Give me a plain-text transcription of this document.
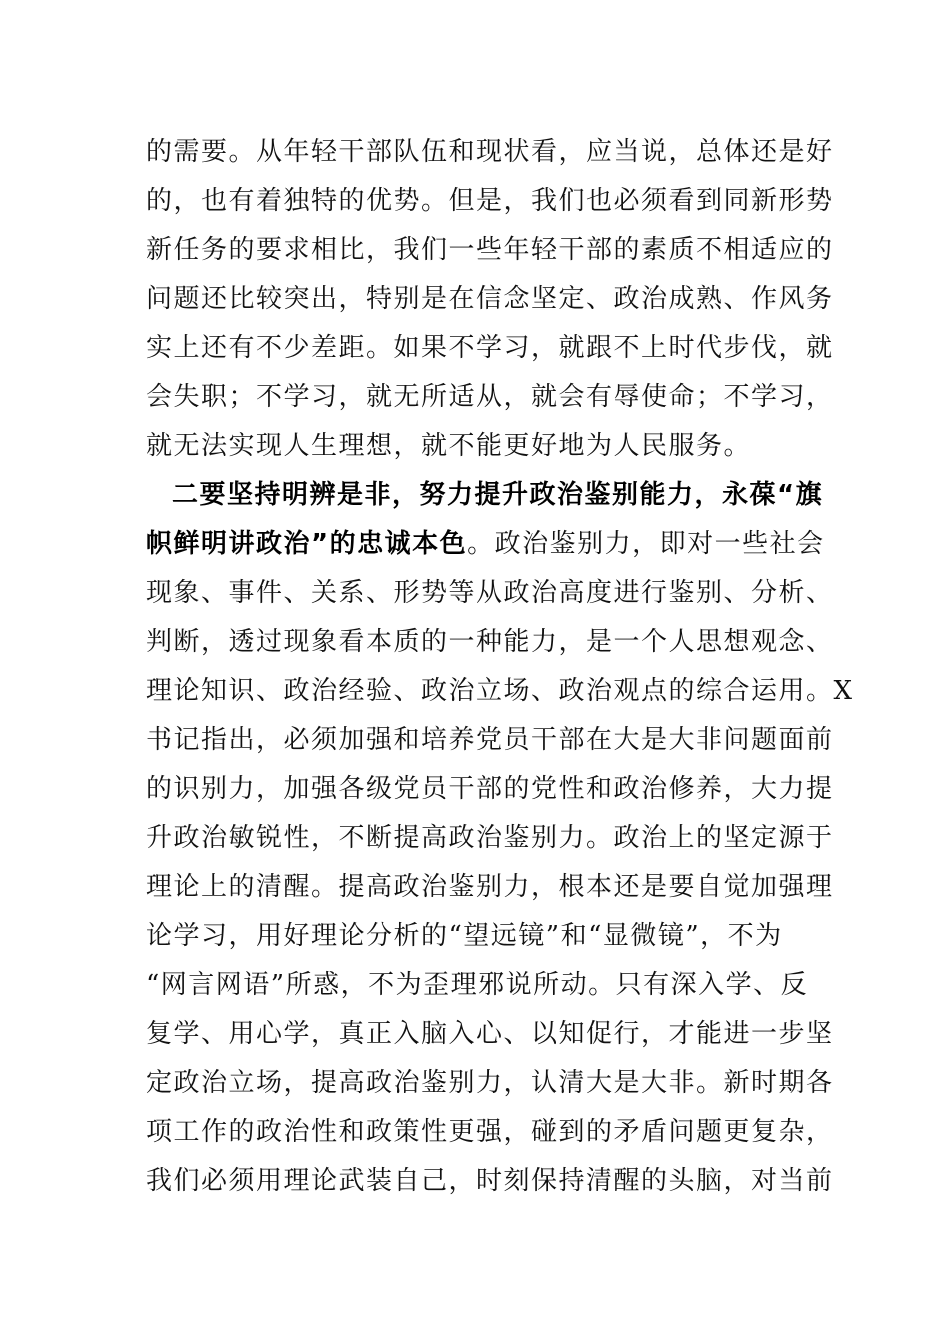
的需要。从年轻干部队伍和现状看，应当说，总体还是好
的，也有着独特的优势。但是，我们也必须看到同新形势
新任务的要求相比，我们一些年轻干部的素质不相适应的
问题还比较突出，特别是在信念坚定、政治成熟、作风务
实上还有不少差距。如果不学习，就跟不上时代步伐，就
会失职；不学习，就无所适从，就会有辱使命；不学习，
就无法实现人生理想，就不能更好地为人民服务。
二要坚持明辨是非，努力提升政治鉴别能力，永葆“旗
帜鲜明讲政治”的忠诚本色。政治鉴别力，即对一些社会
现象、事件、关系、形势等从政治高度进行鉴别、分析、
判断，透过现象看本质的一种能力，是一个人思想观念、
理论知识、政治经验、政治立场、政治观点的综合运用。X
书记指出，必须加强和培养党员干部在大是大非问题面前
的识别力，加强各级党员干部的党性和政治修养，大力提
升政治敏锐性，不断提高政治鉴别力。政治上的坚定源于
理论上的清醒。提高政治鉴别力，根本还是要自觉加强理
论学习，用好理论分析的“望远镜”和“显微镜”，不为
“网言网语”所惑，不为歪理邪说所动。只有深入学、反
复学、用心学，真正入脑入心、以知促行，才能进一步坚
定政治立场，提高政治鉴别力，认清大是大非。新时期各
项工作的政治性和政策性更强，碰到的矛盾问题更复杂，
我们必须用理论武装自己，时刻保持清醒的头脑，对当前
